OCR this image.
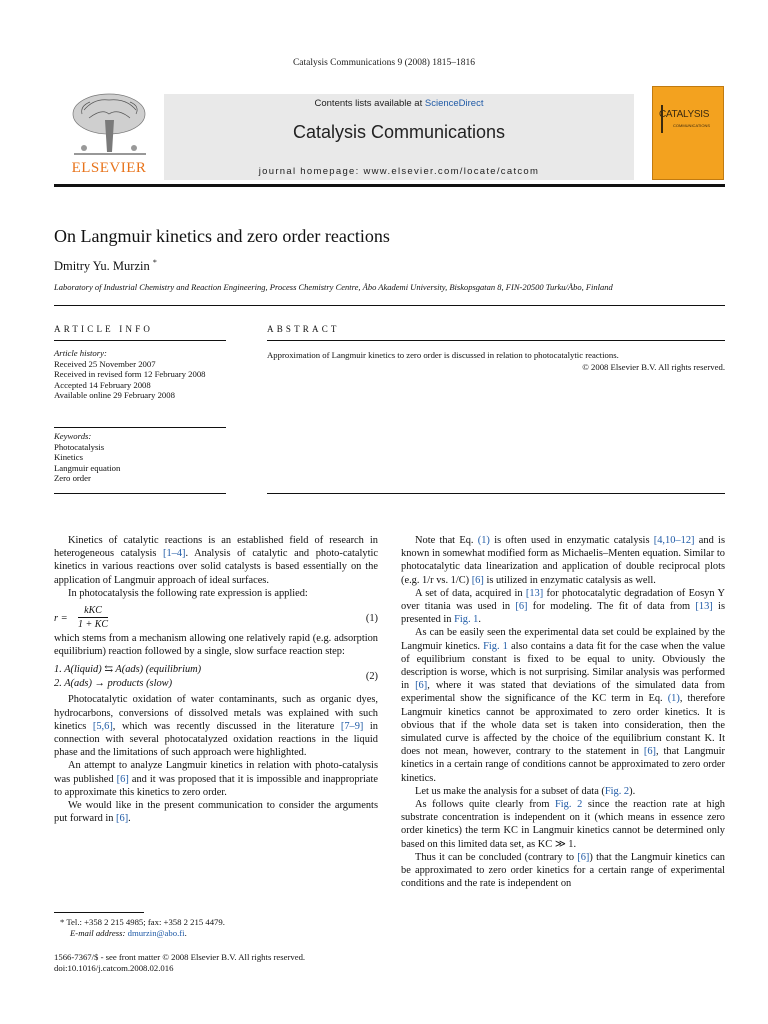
Catalysis Communications 9 (2008) 1815–1816
ELSEVIER
Contents lists available at ScienceDirect
Catalysis Communications
journal homepage: www.elsevier.com/locate/catcom
CATALYSIS
COMMUNICATIONS
On Langmuir kinetics and zero order reactions
Dmitry Yu. Murzin *
Laboratory of Industrial Chemistry and Reaction Engineering, Process Chemistry Centre, Åbo Akademi University, Biskopsgatan 8, FIN-20500 Turku/Åbo, Finland
ARTICLE INFO
Article history:
Received 25 November 2007
Received in revised form 12 February 2008
Accepted 14 February 2008
Available online 29 February 2008
Keywords:
Photocatalysis
Kinetics
Langmuir equation
Zero order
ABSTRACT
Approximation of Langmuir kinetics to zero order is discussed in relation to photocatalytic reactions.
© 2008 Elsevier B.V. All rights reserved.

Kinetics of catalytic reactions is an established field of research in heterogeneous catalysis [1–4]. Analysis of catalytic and photo-catalytic kinetics in various reactions over solid catalysts is based essentially on the application of Langmuir approach of ideal surfaces.

In photocatalysis the following rate expression is applied:

r =
kKC
1 + KC
(1)

which stems from a mechanism allowing one relatively rapid (e.g. adsorption equilibrium) reaction followed by a single, slow surface reaction step:

1. A(liquid) ⇆ A(ads) (equilibrium)
2. A(ads) → products (slow)
(2)

Photocatalytic oxidation of water contaminants, such as organic dyes, hydrocarbons, conversions of dissolved metals was explained with such kinetics [5,6], which was recently discussed in the literature [7–9] in connection with several photocatalyzed oxidation reactions in the liquid phase and the limitations of such approach were highlighted.

An attempt to analyze Langmuir kinetics in relation with photo-catalysis was published [6] and it was proposed that it is impossible and inappropriate to approximate this kinetics to zero order.

We would like in the present communication to consider the arguments put forward in [6].

* Tel.: +358 2 215 4985; fax: +358 2 215 4479.
E-mail address: dmurzin@abo.fi.
1566-7367/$ - see front matter © 2008 Elsevier B.V. All rights reserved.
doi:10.1016/j.catcom.2008.02.016

Note that Eq. (1) is often used in enzymatic catalysis [4,10–12] and is known in somewhat modified form as Michaelis–Menten equation. Similar to photocatalytic data linearization and application of double reciprocal plots (e.g. 1/r vs. 1/C) [6] is utilized in enzymatic catalysis as well.

A set of data, acquired in [13] for photocatalytic degradation of Eosyn Y over titania was used in [6] for modeling. The fit of data from [13] is presented in Fig. 1.

As can be easily seen the experimental data set could be explained by the Langmuir kinetics. Fig. 1 also contains a data fit for the case when the value of equilibrium constant is fixed to be equal to unity. Obviously the description is worse, which is not surprising. Similar analysis was performed in [6], where it was stated that deviations of the simulated data from experimental show the significance of the KC term in Eq. (1), therefore Langmuir kinetics cannot be approximated to zero order kinetics. It is obvious that if the whole data set is taken into consideration, then the simulated curve is affected by the choice of the equilibrium constant K. It does not mean, however, contrary to the statement in [6], that Langmuir kinetics in a certain range of conditions cannot be approximated to zero order kinetics.

Let us make the analysis for a subset of data (Fig. 2).

As follows quite clearly from Fig. 2 since the reaction rate at high substrate concentration is independent on it (which means in essence zero order kinetics) the term KC in Langmuir kinetics cannot be determined only based on this limited data set, as KC ≫ 1.

Thus it can be concluded (contrary to [6]) that the Langmuir kinetics can be approximated to zero order kinetics for a certain range of experimental conditions and the rate is independent on
